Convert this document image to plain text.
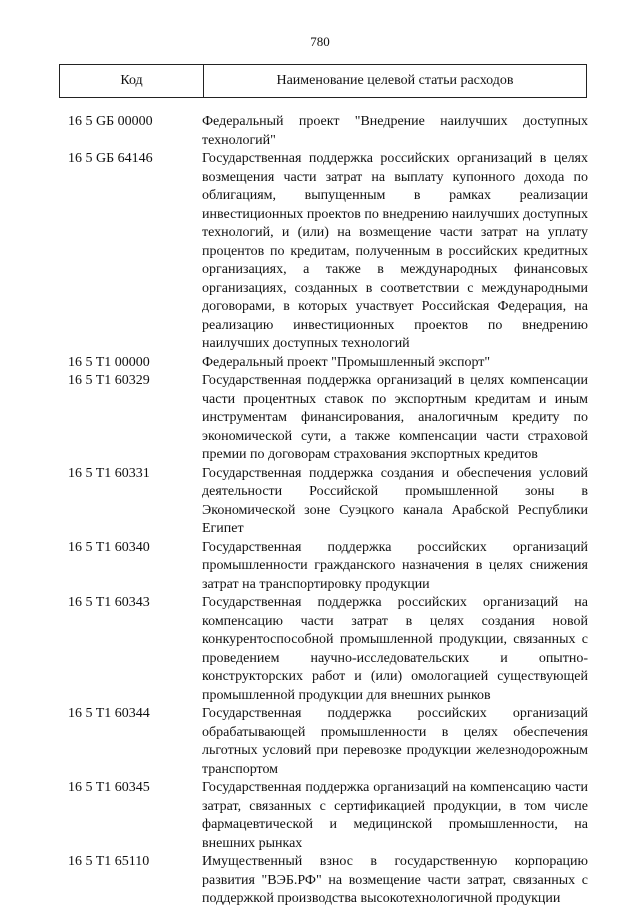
780
Код	Наименование целевой статьи расходов
16 5 GБ 00000	Федеральный проект "Внедрение наилучших доступных технологий"
16 5 GБ 64146	Государственная поддержка российских организаций в целях возмещения части затрат на выплату купонного дохода по облигациям, выпущенным в рамках реализации инвестиционных проектов по внедрению наилучших доступных технологий, и (или) на возмещение части затрат на уплату процентов по кредитам, полученным в российских кредитных организациях, а также в международных финансовых организациях, созданных в соответствии с международными договорами, в которых участвует Российская Федерация, на реализацию инвестиционных проектов по внедрению наилучших доступных технологий
16 5 T1 00000	Федеральный проект "Промышленный экспорт"
16 5 T1 60329	Государственная поддержка организаций в целях компенсации части процентных ставок по экспортным кредитам и иным инструментам финансирования, аналогичным кредиту по экономической сути, а также компенсации части страховой премии по договорам страхования экспортных кредитов
16 5 T1 60331	Государственная поддержка создания и обеспечения условий деятельности Российской промышленной зоны в Экономической зоне Суэцкого канала Арабской Республики Египет
16 5 T1 60340	Государственная поддержка российских организаций промышленности гражданского назначения в целях снижения затрат на транспортировку продукции
16 5 T1 60343	Государственная поддержка российских организаций на компенсацию части затрат в целях создания новой конкурентоспособной промышленной продукции, связанных с проведением научно-исследовательских и опытно-конструкторских работ и (или) омологацией существующей промышленной продукции для внешних рынков
16 5 T1 60344	Государственная поддержка российских организаций обрабатывающей промышленности в целях обеспечения льготных условий при перевозке продукции железнодорожным транспортом
16 5 T1 60345	Государственная поддержка организаций на компенсацию части затрат, связанных с сертификацией продукции, в том числе фармацевтической и медицинской промышленности, на внешних рынках
16 5 T1 65110	Имущественный взнос в государственную корпорацию развития "ВЭБ.РФ" на возмещение части затрат, связанных с поддержкой производства высокотехнологичной продукции
